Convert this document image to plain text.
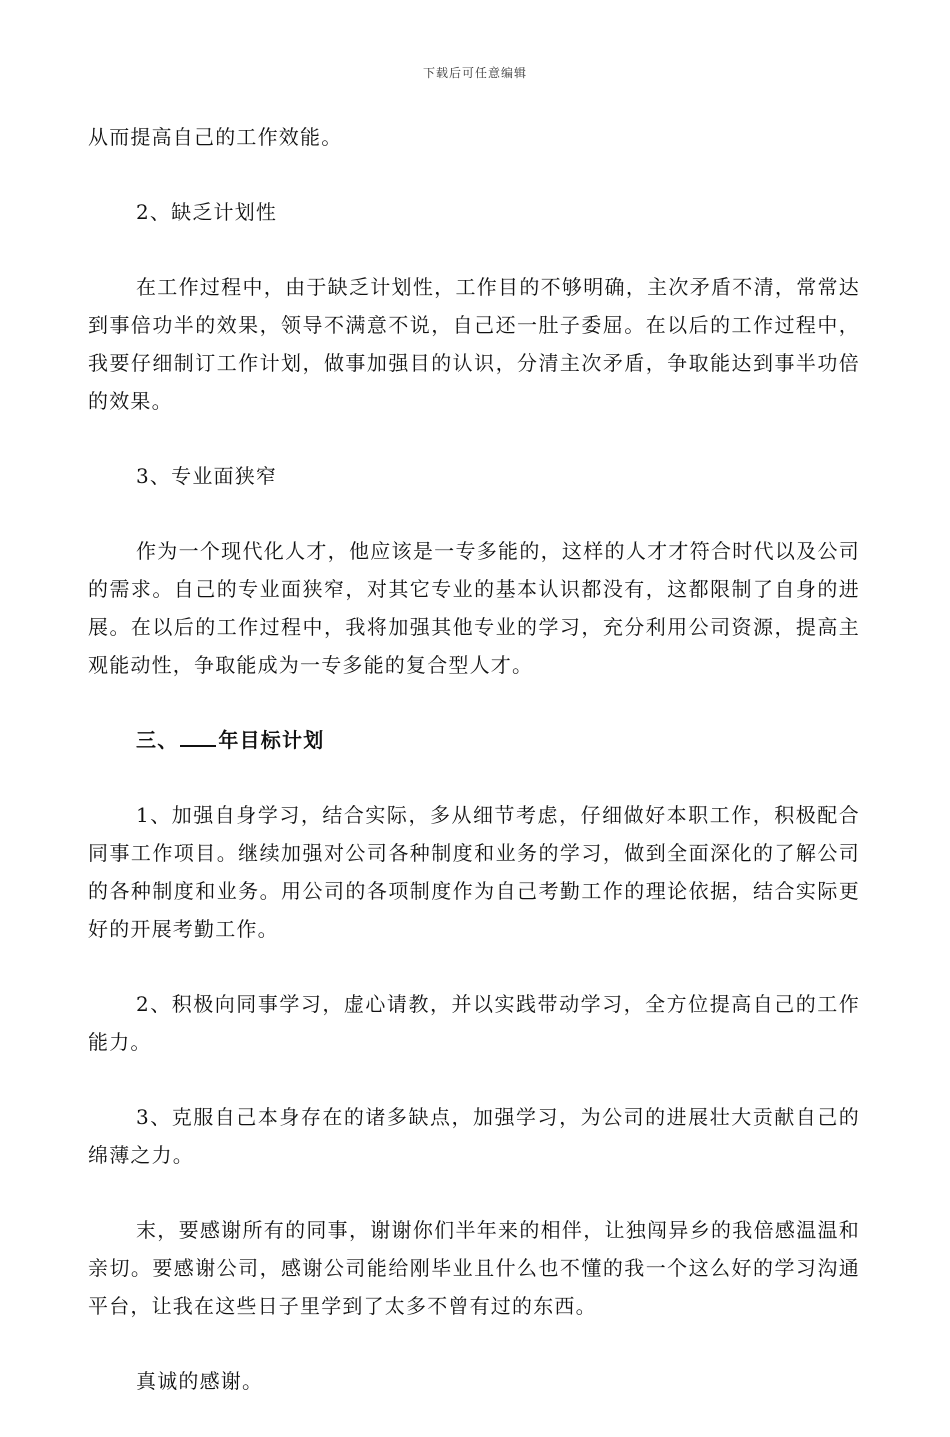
下载后可任意编辑

从而提高自己的工作效能。

2、缺乏计划性

在工作过程中，由于缺乏计划性，工作目的不够明确，主次矛盾不清，常常达到事倍功半的效果，领导不满意不说，自己还一肚子委屈。在以后的工作过程中，我要仔细制订工作计划，做事加强目的认识，分清主次矛盾，争取能达到事半功倍的效果。

3、专业面狭窄

作为一个现代化人才，他应该是一专多能的，这样的人才才符合时代以及公司的需求。自己的专业面狭窄，对其它专业的基本认识都没有，这都限制了自身的进展。在以后的工作过程中，我将加强其他专业的学习，充分利用公司资源，提高主观能动性，争取能成为一专多能的复合型人才。

三、 年目标计划

1、加强自身学习，结合实际，多从细节考虑，仔细做好本职工作，积极配合同事工作项目。继续加强对公司各种制度和业务的学习，做到全面深化的了解公司的各种制度和业务。用公司的各项制度作为自己考勤工作的理论依据，结合实际更好的开展考勤工作。

2、积极向同事学习，虚心请教，并以实践带动学习，全方位提高自己的工作能力。

3、克服自己本身存在的诸多缺点，加强学习，为公司的进展壮大贡献自己的绵薄之力。

末，要感谢所有的同事，谢谢你们半年来的相伴，让独闯异乡的我倍感温温和亲切。要感谢公司，感谢公司能给刚毕业且什么也不懂的我一个这么好的学习沟通平台，让我在这些日子里学到了太多不曾有过的东西。

真诚的感谢。
